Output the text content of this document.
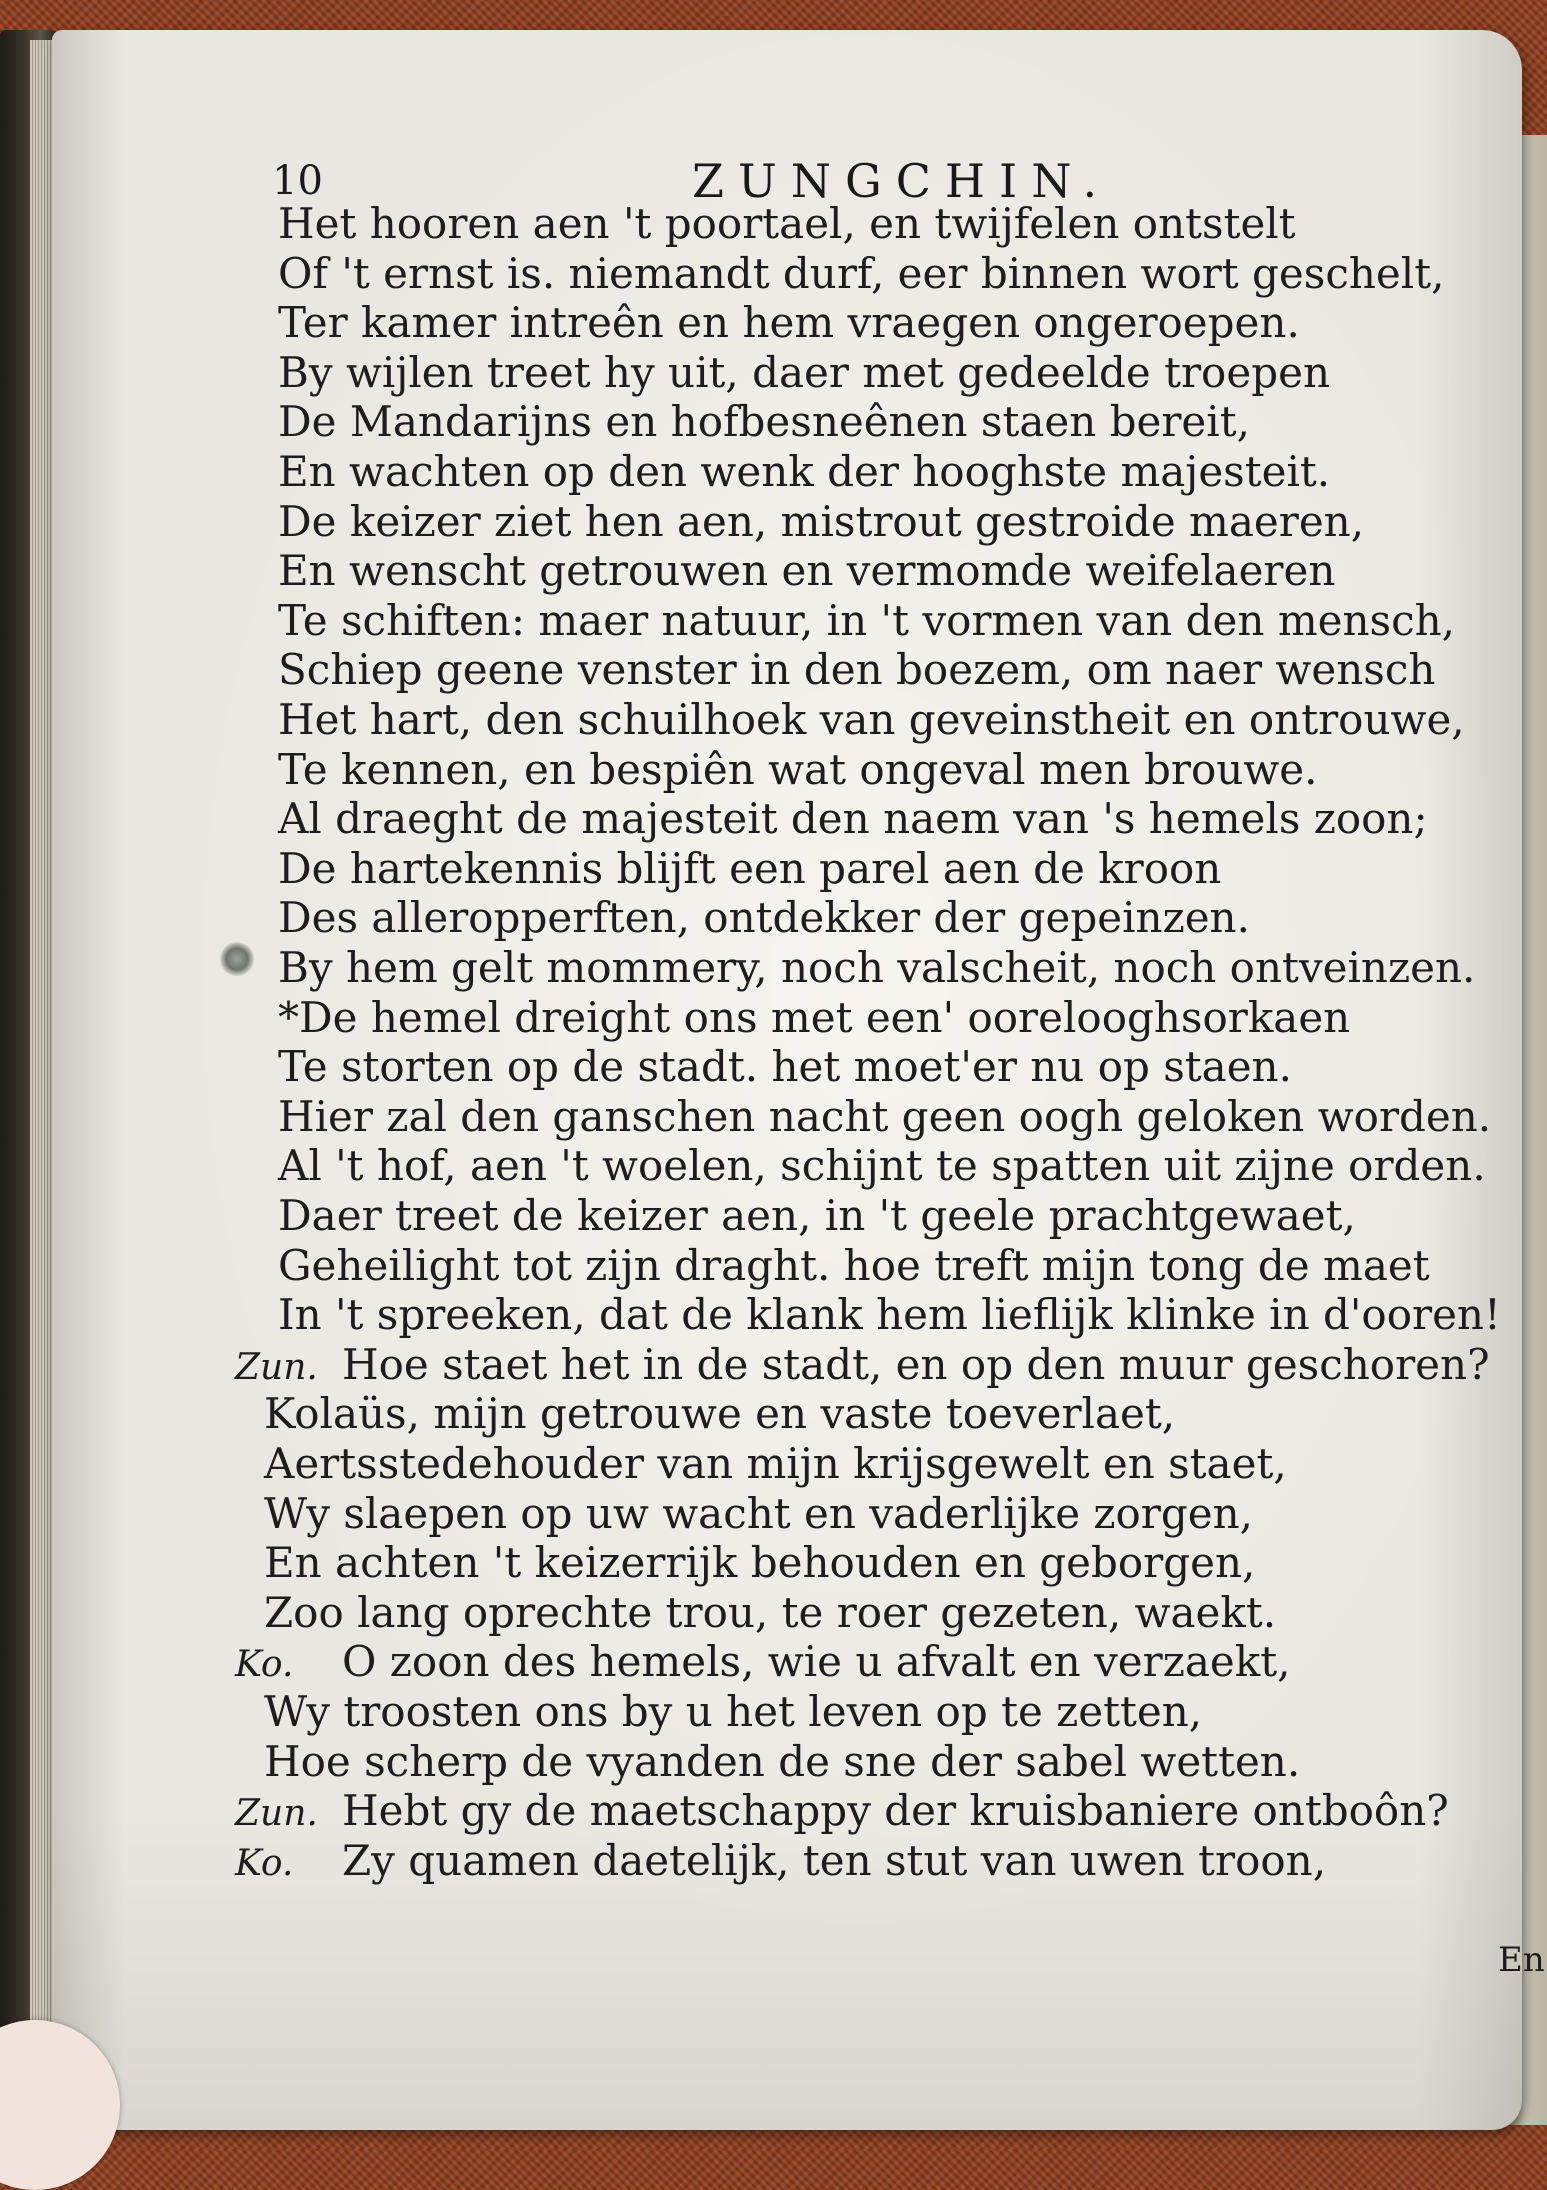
10	ZUNGCHIN.
Het hooren aen 't poortael, en twijfelen ontstelt
Of 't ernst is. niemandt durf, eer binnen wort geschelt,
Ter kamer intreên en hem vraegen ongeroepen.
By wijlen treet hy uit, daer met gedeelde troepen
De Mandarijns en hofbesneênen staen bereit,
En wachten op den wenk der hooghste majesteit.
De keizer ziet hen aen, mistrout gestroide maeren,
En wenscht getrouwen en vermomde weifelaeren
Te schiften: maer natuur, in 't vormen van den mensch,
Schiep geene venster in den boezem, om naer wensch
Het hart, den schuilhoek van geveinstheit en ontrouwe,
Te kennen, en bespiên wat ongeval men brouwe.
Al draeght de majesteit den naem van 's hemels zoon;
De hartekennis blijft een parel aen de kroon
Des alleropperften, ontdekker der gepeinzen.
By hem gelt mommery, noch valscheit, noch ontveinzen.
*De hemel dreight ons met een' oorelooghsorkaen
Te storten op de stadt. het moet'er nu op staen.
Hier zal den ganschen nacht geen oogh geloken worden.
Al 't hof, aen 't woelen, schijnt te spatten uit zijne orden.
Daer treet de keizer aen, in 't geele prachtgewaet,
Geheilight tot zijn draght. hoe treft mijn tong de maet
In 't spreeken, dat de klank hem lieflijk klinke in d'ooren!
Zun. Hoe staet het in de stadt, en op den muur geschoren?
Kolaüs, mijn getrouwe en vaste toeverlaet,
Aertsstedehouder van mijn krijsgewelt en staet,
Wy slaepen op uw wacht en vaderlijke zorgen,
En achten 't keizerrijk behouden en geborgen,
Zoo lang oprechte trou, te roer gezeten, waekt.
Ko. O zoon des hemels, wie u afvalt en verzaekt,
Wy troosten ons by u het leven op te zetten,
Hoe scherp de vyanden de sne der sabel wetten.
Zun. Hebt gy de maetschappy der kruisbaniere ontboôn?
Ko. Zy quamen daetelijk, ten stut van uwen troon,
En
